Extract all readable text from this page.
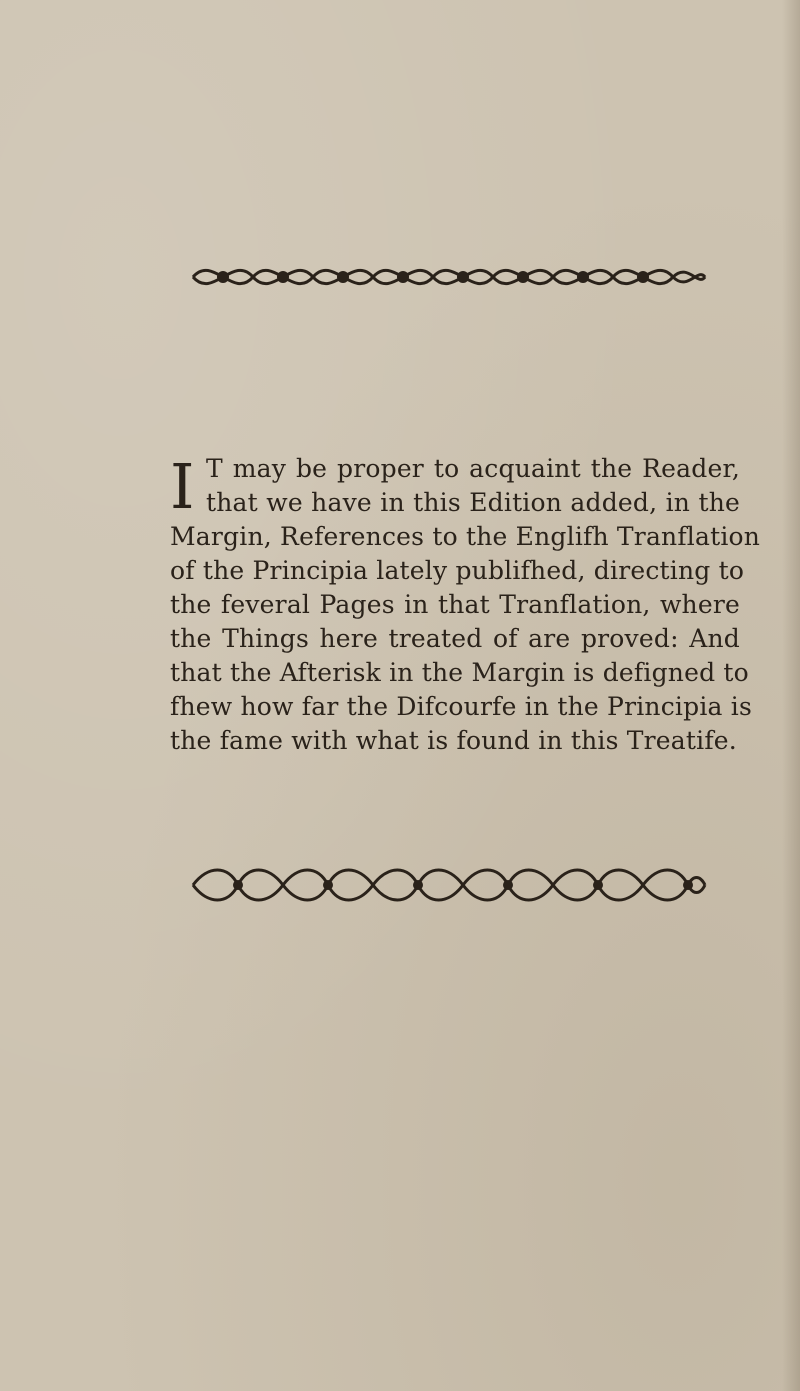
I T may be proper to acquaint the Reader,
that we have in this Edition added, in the
Margin, References to the Englifh Tranflation
of the Principia lately publifhed, directing to
the feveral Pages in that Tranflation, where
the Things here treated of are proved: And
that the Afterisk in the Margin is defigned to
fhew how far the Difcourfe in the Principia is
the fame with what is found in this Treatife.
